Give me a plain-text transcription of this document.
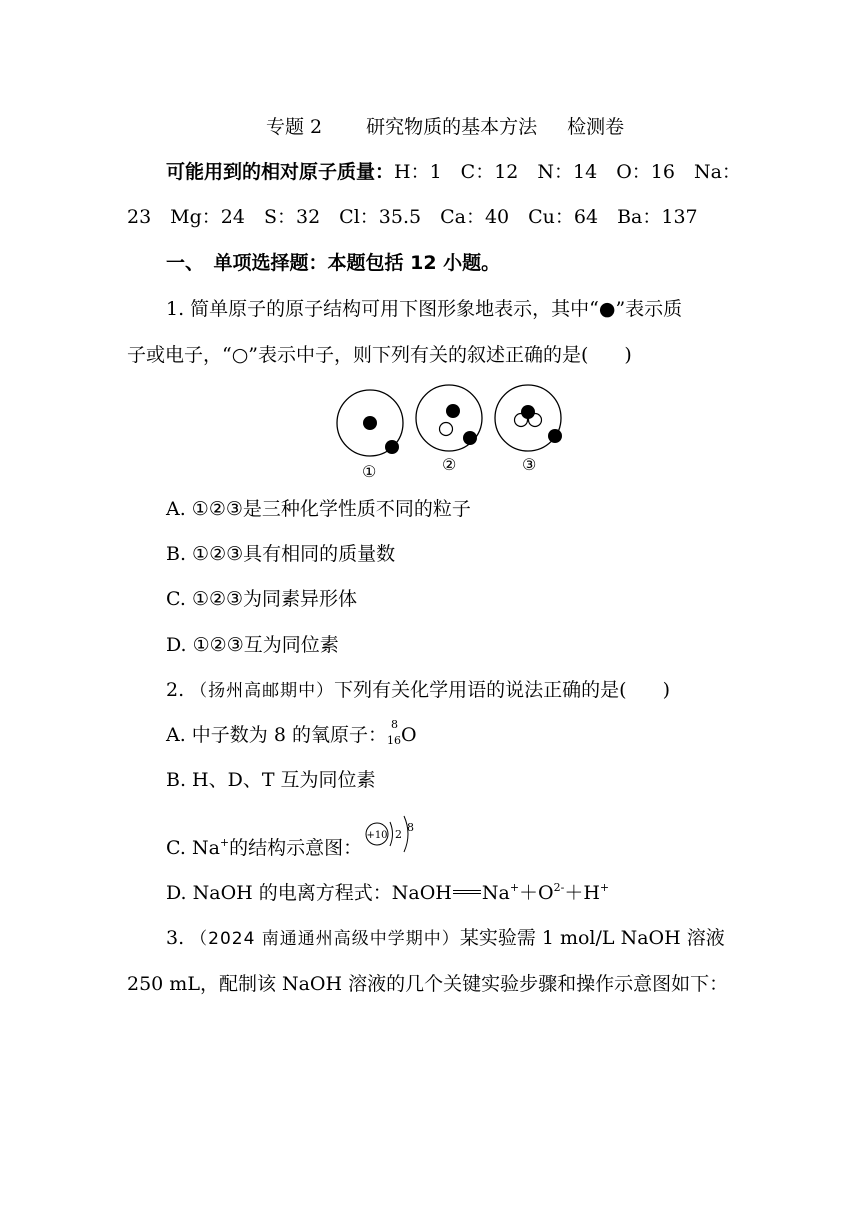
专题 2 研究物质的基本方法 检测卷
可能用到的相对原子质量：H：1　C：12　N：14　O：16　Na：
23　Mg：24　S：32　Cl：35.5　Ca：40　Cu：64　Ba：137
一、　单项选择题：本题包括 12 小题。
1. 简单原子的原子结构可用下图形象地表示，其中“●”表示质
子或电子，“○”表示中子，则下列有关的叙述正确的是( )
①	②	③
A. ①②③是三种化学性质不同的粒子
B. ①②③具有相同的质量数
C. ①②③为同素异形体
D. ①②③互为同位素
2. （扬州高邮期中）下列有关化学用语的说法正确的是( )
A. 中子数为 8 的氧原子： 8
16 O
B. H、D、T 互为同位素
C. Na+的结构示意图：
+10 2
8
D. NaOH 的电离方程式：NaOH $Na^++O^{2-}+H^+$
3. （2024 南通通州高级中学期中）某实验需 1 mol/L NaOH 溶液
250 mL，配制该 NaOH 溶液的几个关键实验步骤和操作示意图如下：
